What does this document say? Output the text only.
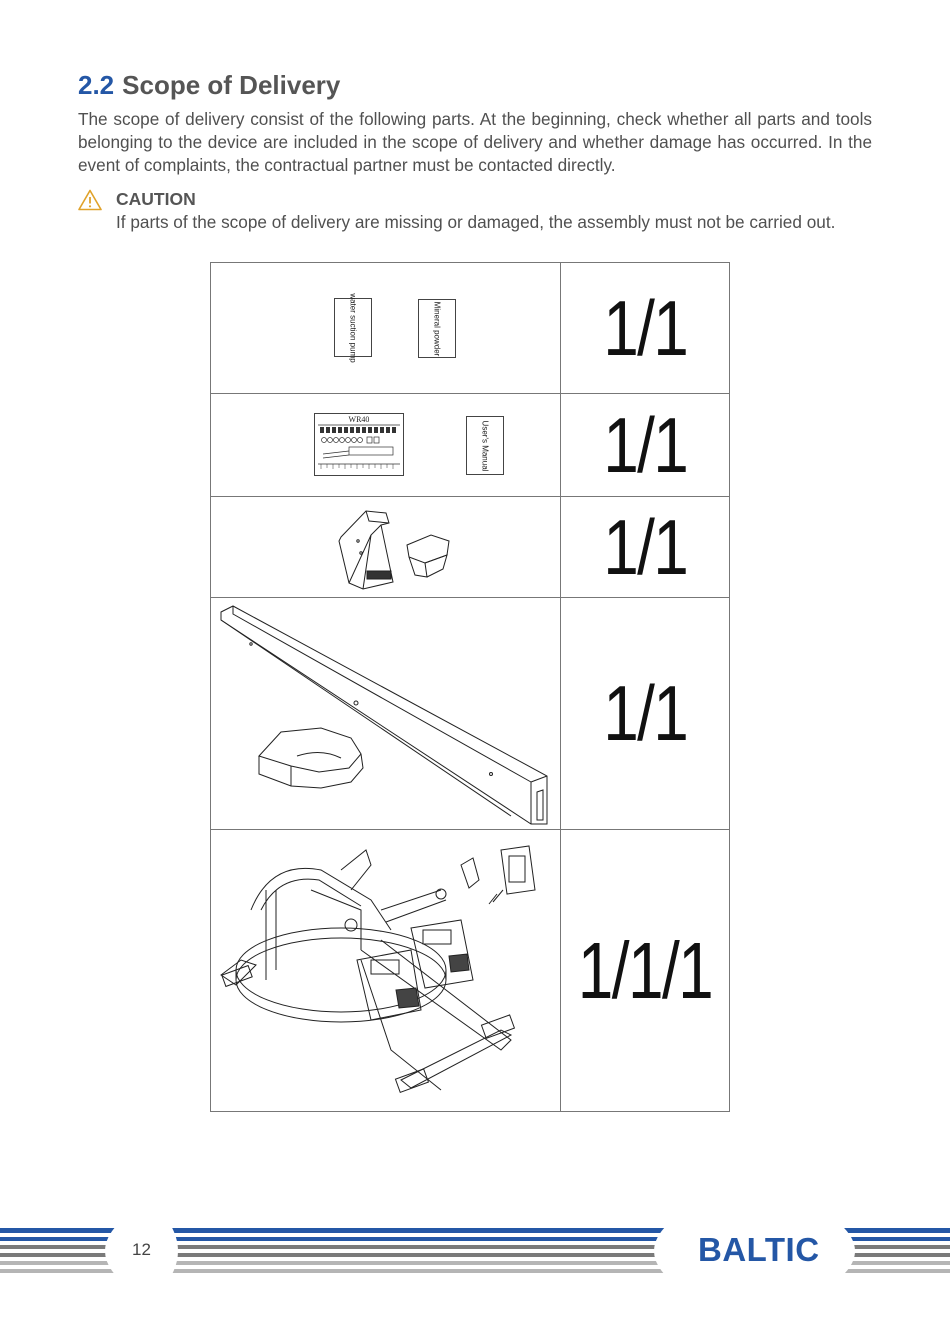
2.2 Scope of Delivery

The scope of delivery consist of the following parts. At the beginning, check whether all parts and tools belonging to the device are included in the scope of delivery and whether damage has occurred. In the event of complaints, the contractual partner must be contacted directly.

CAUTION
If parts of the scope of delivery are missing or damaged, the assembly must not be carried out.
water suction pump Mineral powder	1/1

WR40
User's Manual	1/1

	1/1

	1/1

	1/1/1
12	BALTIC
